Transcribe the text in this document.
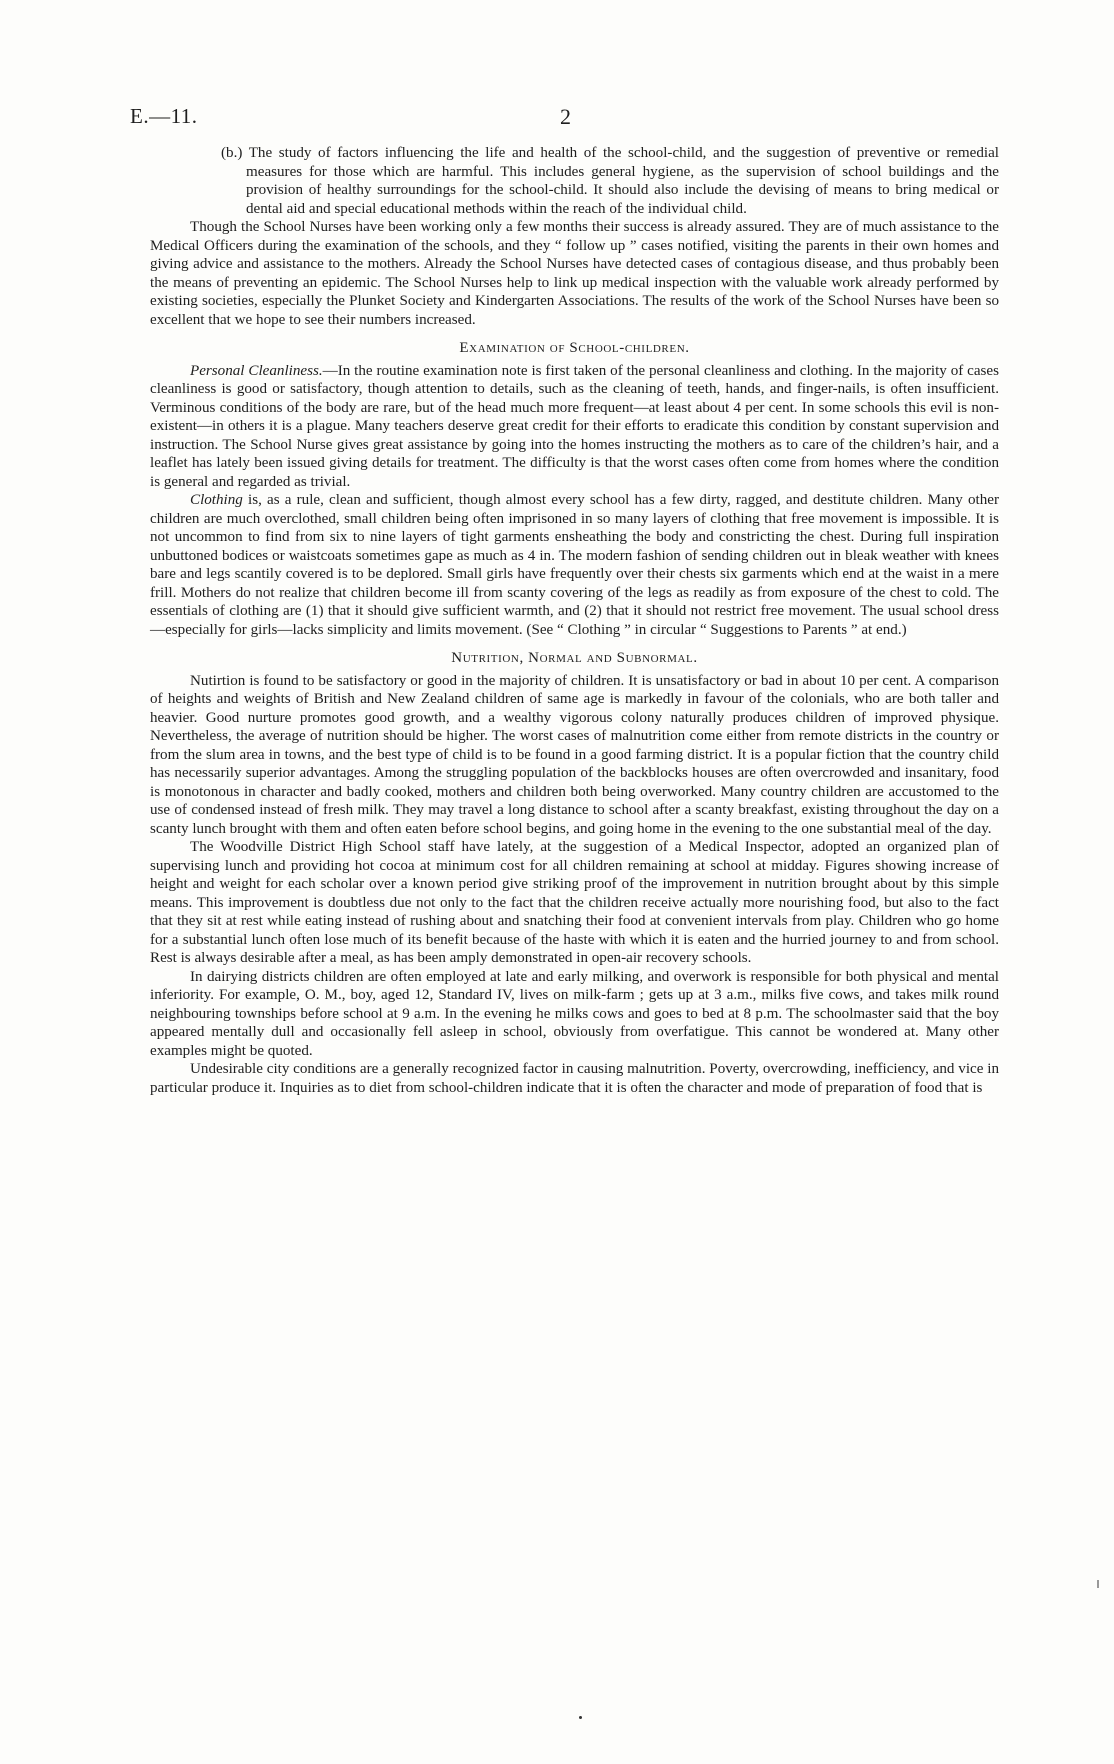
E.—11.	2

(b.) The study of factors influencing the life and health of the school-child, and the suggestion of preventive or remedial measures for those which are harmful. This includes general hygiene, as the supervision of school buildings and the provision of healthy surroundings for the school-child. It should also include the devising of means to bring medical or dental aid and special educational methods within the reach of the individual child.

Though the School Nurses have been working only a few months their success is already assured. They are of much assistance to the Medical Officers during the examination of the schools, and they “ follow up ” cases notified, visiting the parents in their own homes and giving advice and assistance to the mothers. Already the School Nurses have detected cases of contagious disease, and thus probably been the means of preventing an epidemic. The School Nurses help to link up medical inspection with the valuable work already performed by existing societies, especially the Plunket Society and Kindergarten Associations. The results of the work of the School Nurses have been so excellent that we hope to see their numbers increased.

Examination of School-children.

Personal Cleanliness.—In the routine examination note is first taken of the personal cleanliness and clothing. In the majority of cases cleanliness is good or satisfactory, though attention to details, such as the cleaning of teeth, hands, and finger-nails, is often insufficient. Verminous conditions of the body are rare, but of the head much more frequent—at least about 4 per cent. In some schools this evil is non-existent—in others it is a plague. Many teachers deserve great credit for their efforts to eradicate this condition by constant supervision and instruction. The School Nurse gives great assistance by going into the homes instructing the mothers as to care of the children’s hair, and a leaflet has lately been issued giving details for treatment. The difficulty is that the worst cases often come from homes where the condition is general and regarded as trivial.

Clothing is, as a rule, clean and sufficient, though almost every school has a few dirty, ragged, and destitute children. Many other children are much overclothed, small children being often imprisoned in so many layers of clothing that free movement is impossible. It is not uncommon to find from six to nine layers of tight garments ensheathing the body and constricting the chest. During full inspiration unbuttoned bodices or waistcoats sometimes gape as much as 4 in. The modern fashion of sending children out in bleak weather with knees bare and legs scantily covered is to be deplored. Small girls have frequently over their chests six garments which end at the waist in a mere frill. Mothers do not realize that children become ill from scanty covering of the legs as readily as from exposure of the chest to cold. The essentials of clothing are (1) that it should give sufficient warmth, and (2) that it should not restrict free movement. The usual school dress—especially for girls—lacks simplicity and limits movement. (See “ Clothing ” in circular “ Suggestions to Parents ” at end.)

Nutrition, Normal and Subnormal.

Nutirtion is found to be satisfactory or good in the majority of children. It is unsatisfactory or bad in about 10 per cent. A comparison of heights and weights of British and New Zealand children of same age is markedly in favour of the colonials, who are both taller and heavier. Good nurture promotes good growth, and a wealthy vigorous colony naturally produces children of improved physique. Nevertheless, the average of nutrition should be higher. The worst cases of malnutrition come either from remote districts in the country or from the slum area in towns, and the best type of child is to be found in a good farming district. It is a popular fiction that the country child has necessarily superior advantages. Among the struggling population of the backblocks houses are often overcrowded and insanitary, food is monotonous in character and badly cooked, mothers and children both being overworked. Many country children are accustomed to the use of condensed instead of fresh milk. They may travel a long distance to school after a scanty breakfast, existing throughout the day on a scanty lunch brought with them and often eaten before school begins, and going home in the evening to the one substantial meal of the day.

The Woodville District High School staff have lately, at the suggestion of a Medical Inspector, adopted an organized plan of supervising lunch and providing hot cocoa at minimum cost for all children remaining at school at midday. Figures showing increase of height and weight for each scholar over a known period give striking proof of the improvement in nutrition brought about by this simple means. This improvement is doubtless due not only to the fact that the children receive actually more nourishing food, but also to the fact that they sit at rest while eating instead of rushing about and snatching their food at convenient intervals from play. Children who go home for a substantial lunch often lose much of its benefit because of the haste with which it is eaten and the hurried journey to and from school. Rest is always desirable after a meal, as has been amply demonstrated in open-air recovery schools.

In dairying districts children are often employed at late and early milking, and overwork is responsible for both physical and mental inferiority. For example, O. M., boy, aged 12, Standard IV, lives on milk-farm ; gets up at 3 a.m., milks five cows, and takes milk round neighbouring townships before school at 9 a.m. In the evening he milks cows and goes to bed at 8 p.m. The schoolmaster said that the boy appeared mentally dull and occasionally fell asleep in school, obviously from overfatigue. This cannot be wondered at. Many other examples might be quoted.

Undesirable city conditions are a generally recognized factor in causing malnutrition. Poverty, overcrowding, inefficiency, and vice in particular produce it. Inquiries as to diet from school-children indicate that it is often the character and mode of preparation of food that is
